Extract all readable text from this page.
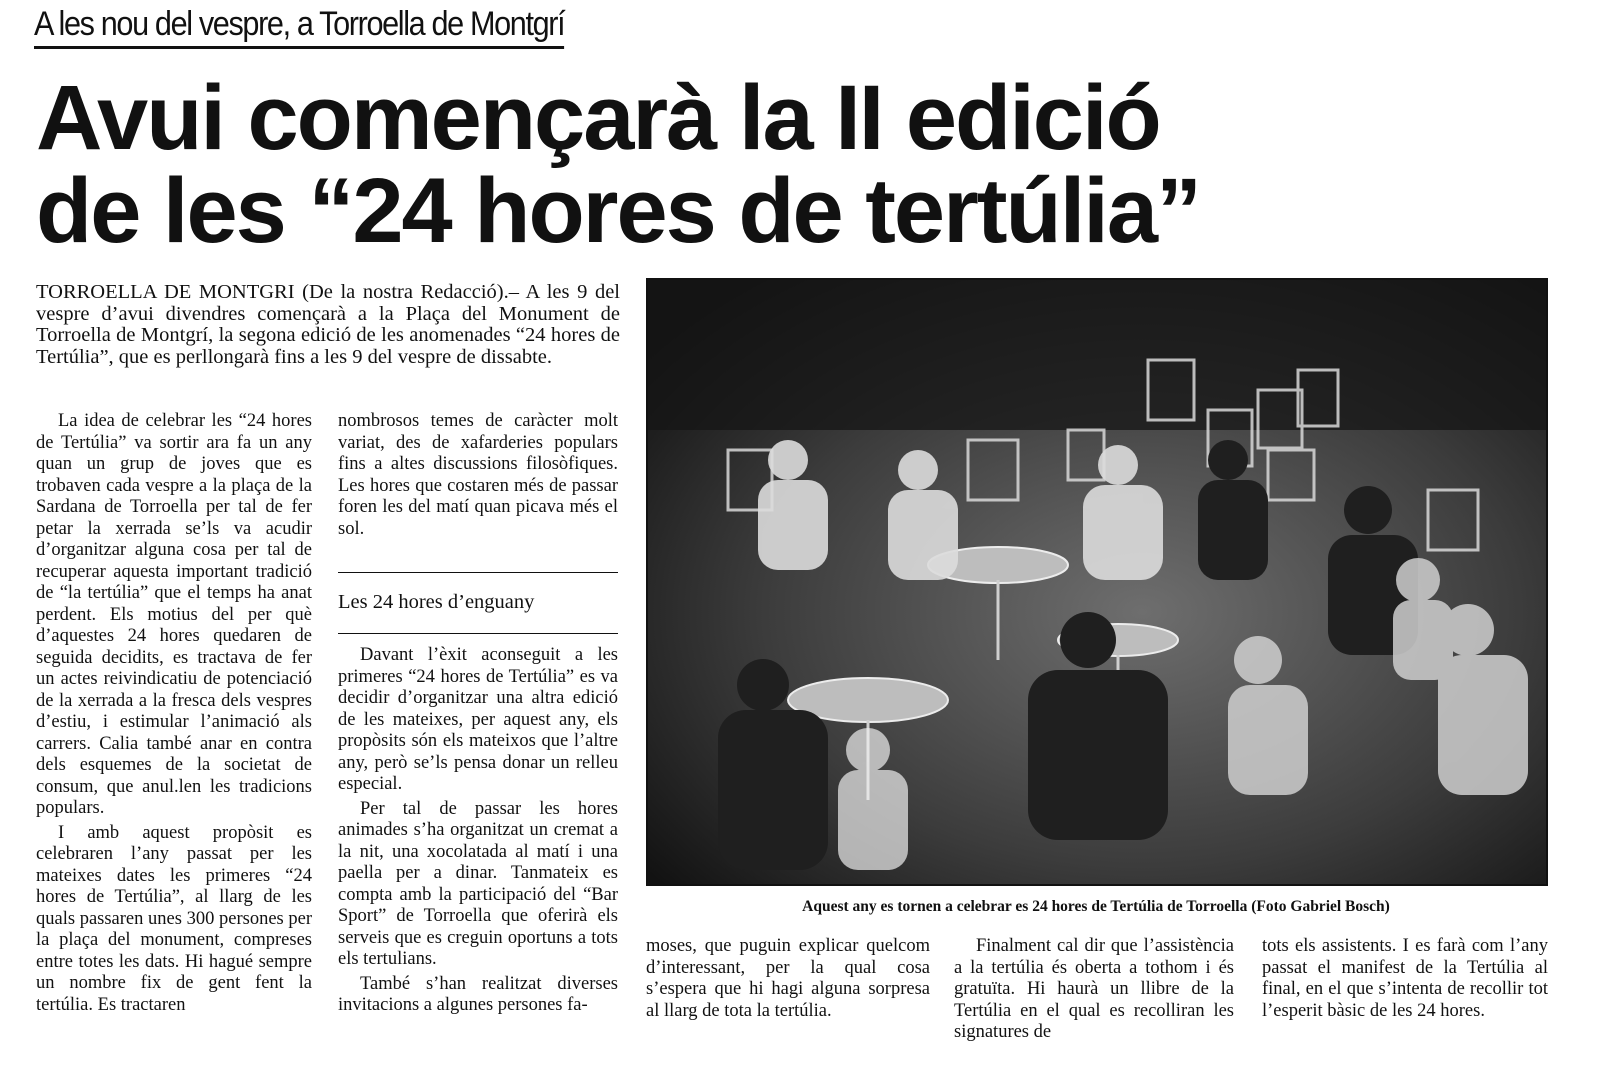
A les nou del vespre, a Torroella de Montgrí
Avui començarà la II edició
de les “24 hores de tertúlia”
TORROELLA DE MONTGRI (De la nostra Redacció).– A les 9 del vespre d’avui divendres començarà a la Plaça del Monument de Torroella de Montgrí, la segona edició de les anomenades “24 hores de Tertúlia”, que es perllongarà fins a les 9 del vespre de dissabte.

La idea de celebrar les “24 hores de Tertúlia” va sortir ara fa un any quan un grup de joves que es trobaven cada vespre a la plaça de la Sardana de Torroella per tal de fer petar la xerrada se’ls va acudir d’organitzar alguna cosa per tal de recuperar aquesta important tradició de “la tertúlia” que el temps ha anat perdent. Els motius del per què d’aquestes 24 hores quedaren de seguida decidits, es tractava de fer un actes reivindicatiu de potenciació de la xerrada a la fresca dels vespres d’estiu, i estimular l’animació als carrers. Calia també anar en contra dels esquemes de la societat de consum, que anul.len les tradicions populars.

I amb aquest propòsit es celebraren l’any passat per les mateixes dates les primeres “24 hores de Tertúlia”, al llarg de les quals passaren unes 300 persones per la plaça del monument, compreses entre totes les dats. Hi hagué sempre un nombre fix de gent fent la tertúlia. Es tractaren

nombrosos temes de caràcter molt variat, des de xafarderies populars fins a altes discussions filosòfiques. Les hores que costaren més de passar foren les del matí quan picava més el sol.

Les 24 hores d’enguany

Davant l’èxit aconseguit a les primeres “24 hores de Tertúlia” es va decidir d’organitzar una altra edició de les mateixes, per aquest any, els propòsits són els mateixos que l’altre any, però se’ls pensa donar un relleu especial.

Per tal de passar les hores animades s’ha organitzat un cremat a la nit, una xocolatada al matí i una paella per a dinar. Tanmateix es compta amb la participació del “Bar Sport” de Torroella que oferirà els serveis que es creguin oportuns a tots els tertulians.

També s’han realitzat diverses invitacions a algunes persones fa-

Aquest any es tornen a celebrar es 24 hores de Tertúlia de Torroella (Foto Gabriel Bosch)

moses, que puguin explicar quelcom d’interessant, per la qual cosa s’espera que hi hagi alguna sorpresa al llarg de tota la tertúlia.

Finalment cal dir que l’assistència a la tertúlia és oberta a tothom i és gratuïta. Hi haurà un llibre de la Tertúlia en el qual es recolliran les signatures de

tots els assistents. I es farà com l’any passat el manifest de la Tertúlia al final, en el que s’intenta de recollir tot l’esperit bàsic de les 24 hores.
